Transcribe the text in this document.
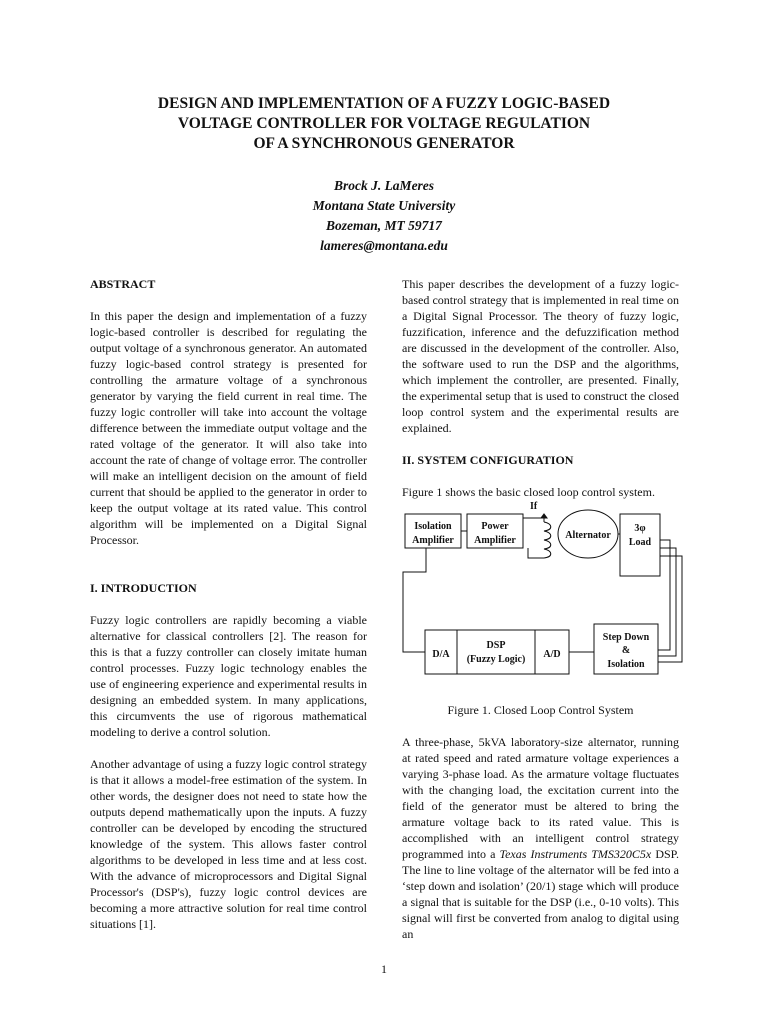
DESIGN AND IMPLEMENTATION OF A FUZZY LOGIC-BASED
VOLTAGE CONTROLLER FOR VOLTAGE REGULATION
OF A SYNCHRONOUS GENERATOR
Brock J. LaMeres
Montana State University
Bozeman, MT 59717
lameres@montana.edu
ABSTRACT

In this paper the design and implementation of a fuzzy logic-based controller is described for regulating the output voltage of a synchronous generator. An automated fuzzy logic-based control strategy is presented for controlling the armature voltage of a synchronous generator by varying the field current in real time. The fuzzy logic controller will take into account the voltage difference between the immediate output voltage and the rated voltage of the generator. It will also take into account the rate of change of voltage error. The controller will make an intelligent decision on the amount of field current that should be applied to the generator in order to keep the output voltage at its rated value. This control algorithm will be implemented on a Digital Signal Processor.

I. INTRODUCTION

Fuzzy logic controllers are rapidly becoming a viable alternative for classical controllers [2]. The reason for this is that a fuzzy controller can closely imitate human control processes. Fuzzy logic technology enables the use of engineering experience and experimental results in designing an embedded system. In many applications, this circumvents the use of rigorous mathematical modeling to derive a control solution.

Another advantage of using a fuzzy logic control strategy is that it allows a model-free estimation of the system. In other words, the designer does not need to state how the outputs depend mathematically upon the inputs. A fuzzy controller can be developed by encoding the structured knowledge of the system. This allows faster control algorithms to be developed in less time and at less cost. With the advance of microprocessors and Digital Signal Processor's (DSP's), fuzzy logic control devices are becoming a more attractive solution for real time control situations [1].

This paper describes the development of a fuzzy logic-based control strategy that is implemented in real time on a Digital Signal Processor. The theory of fuzzy logic, fuzzification, inference and the defuzzification method are discussed in the development of the controller. Also, the software used to run the DSP and the algorithms, which implement the controller, are presented. Finally, the experimental setup that is used to construct the closed loop control system and the experimental results are explained.

II. SYSTEM CONFIGURATION

Figure 1 shows the basic closed loop control system.

Isolation
Amplifier
Power
Amplifier
If
Alternator
3φ
Load
D/A
DSP
(Fuzzy Logic) A/D
Step Down
&
Isolation
Figure 1. Closed Loop Control System

A three-phase, 5kVA laboratory-size alternator, running at rated speed and rated armature voltage experiences a varying 3-phase load. As the armature voltage fluctuates with the changing load, the excitation current into the field of the generator must be altered to bring the armature voltage back to its rated value. This is accomplished with an intelligent control strategy programmed into a Texas Instruments TMS320C5x DSP. The line to line voltage of the alternator will be fed into a ‘step down and isolation’ (20/1) stage which will produce a signal that is suitable for the DSP (i.e., 0-10 volts). This signal will first be converted from analog to digital using an

1
